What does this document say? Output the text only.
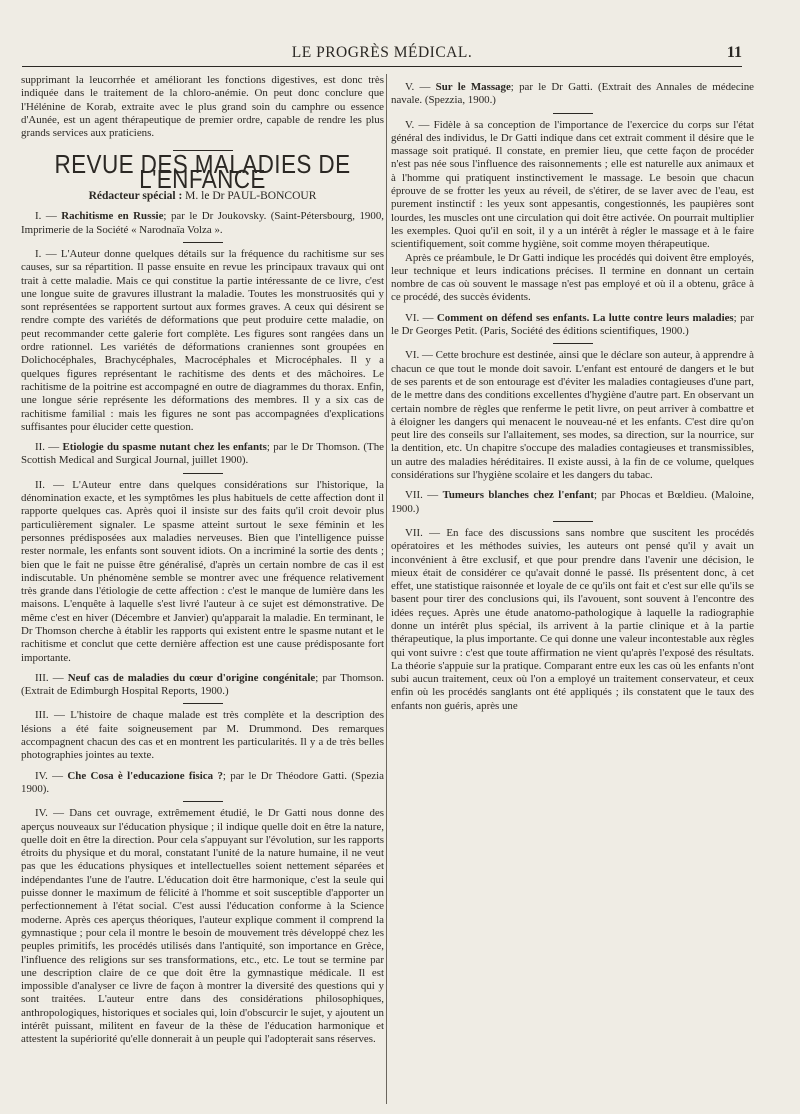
LE PROGRÈS MÉDICAL.	11

supprimant la leucorrhée et améliorant les fonctions digestives, est donc très indiquée dans le traitement de la chloro-anémie. On peut donc conclure que l'Hélénine de Korab, extraite avec le plus grand soin du camphre ou essence d'Aunée, est un agent thérapeutique de premier ordre, capable de rendre les plus grands services aux praticiens.

REVUE DES MALADIES DE L'ENFANCE
Rédacteur spécial : M. le Dr PAUL-BONCOUR
I. — Rachitisme en Russie; par le Dr Joukovsky. (Saint-Pétersbourg, 1900, Imprimerie de la Société « Narodnaïa Volza ».

I. — L'Auteur donne quelques détails sur la fréquence du rachitisme sur ses causes, sur sa répartition. Il passe ensuite en revue les principaux travaux qui ont trait à cette maladie. Mais ce qui constitue la partie intéressante de ce livre, c'est une longue suite de gravures illustrant la maladie. Toutes les monstruosités qui y sont représentées se rapportent surtout aux formes graves. A ceux qui désirent se rendre compte des variétés de déformations que peut produire cette maladie, on peut recommander cette galerie fort complète. Les figures sont rangées dans un ordre rationnel. Les variétés de déformations craniennes sont groupées en Dolichocéphales, Brachycéphales, Macrocéphales et Microcéphales. Il y a quelques figures représentant le rachitisme des dents et des mâchoires. Le rachitisme de la poitrine est accompagné en outre de diagrammes du thorax. Enfin, une longue série représente les déformations des membres. Il y a six cas de rachitisme familial : mais les figures ne sont pas accompagnées d'explications suffisantes pour élucider cette question.

II. — Etiologie du spasme nutant chez les enfants; par le Dr Thomson. (The Scottish Medical and Surgical Journal, juillet 1900).

II. — L'Auteur entre dans quelques considérations sur l'historique, la dénomination exacte, et les symptômes les plus habituels de cette affection dont il rapporte quelques cas. Après quoi il insiste sur des faits qu'il croit devoir plus particulièrement signaler. Le spasme atteint surtout le sexe féminin et les personnes prédisposées aux maladies nerveuses. Bien que l'intelligence puisse rester normale, les enfants sont souvent idiots. On a incriminé la sortie des dents ; bien que le fait ne puisse être généralisé, d'après un certain nombre de cas il est indiscutable. Un phénomène semble se montrer avec une fréquence relativement très grande dans l'étiologie de cette affection : c'est le manque de lumière dans les maisons. L'enquête à laquelle s'est livré l'auteur à ce sujet est démonstrative. De même c'est en hiver (Décembre et Janvier) qu'apparait la maladie. En terminant, le Dr Thomson cherche à établir les rapports qui existent entre le spasme nutant et le rachitisme et conclut que cette dernière affection est une cause prédisposante fort importante.

III. — Neuf cas de maladies du cœur d'origine congénitale; par Thomson. (Extrait de Edimburgh Hospital Reports, 1900.)

III. — L'histoire de chaque malade est très complète et la description des lésions a été faite soigneusement par M. Drummond. Des remarques accompagnent chacun des cas et en montrent les particularités. Il y a de très belles photographies jointes au texte.

IV. — Che Cosa è l'educazione fisica ?; par le Dr Théodore Gatti. (Spezia 1900).

IV. — Dans cet ouvrage, extrêmement étudié, le Dr Gatti nous donne des aperçus nouveaux sur l'éducation physique ; il indique quelle doit en être la nature, quelle doit en être la direction. Pour cela s'appuyant sur l'évolution, sur les rapports étroits du physique et du moral, constatant l'unité de la nature humaine, il ne veut pas que les éducations physiques et intellectuelles soient nettement séparées et indépendantes l'une de l'autre. L'éducation doit être harmonique, c'est la seule qui puisse donner le maximum de félicité à l'homme et soit susceptible d'apporter un perfectionnement à l'état social. C'est aussi l'éducation conforme à la Science moderne. Après ces aperçus théoriques, l'auteur explique comment il comprend la gymnastique ; pour cela il montre le besoin de mouvement très développé chez les peuples primitifs, les procédés utilisés dans l'antiquité, son importance en Grèce, l'influence des religions sur ses transformations, etc., etc. Le tout se termine par une description claire de ce que doit être la gymnastique médicale. Il est impossible d'analyser ce livre de façon à montrer la diversité des questions qui y sont traitées. L'auteur entre dans des considérations philosophiques, anthropologiques, historiques et sociales qui, loin d'obscurcir le sujet, y ajoutent un intérêt puissant, militent en faveur de la thèse de l'éducation harmonique et attestent la supériorité qu'elle donnerait à un peuple qui l'adopterait sans réserves.

V. — Sur le Massage; par le Dr Gatti. (Extrait des Annales de médecine navale. (Spezzia, 1900.)

V. — Fidèle à sa conception de l'importance de l'exercice du corps sur l'état général des individus, le Dr Gatti indique dans cet extrait comment il désire que le massage soit pratiqué. Il constate, en premier lieu, que cette façon de procéder n'est pas née sous l'influence des raisonnements ; elle est naturelle aux animaux et à l'homme qui pratiquent instinctivement le massage. Le besoin que chacun éprouve de se frotter les yeux au réveil, de s'étirer, de se laver avec de l'eau, est purement instinctif : les yeux sont appesantis, congestionnés, les paupières sont lourdes, les muscles ont une circulation qui doit être activée. On pourrait multiplier les exemples. Quoi qu'il en soit, il y a un intérêt à régler le massage et à le faire scientifiquement, soit comme hygiène, soit comme moyen thérapeutique.

Après ce préambule, le Dr Gatti indique les procédés qui doivent être employés, leur technique et leurs indications précises. Il termine en donnant un certain nombre de cas où souvent le massage n'est pas employé et où il a obtenu, grâce à ce procédé, des succès évidents.

VI. — Comment on défend ses enfants. La lutte contre leurs maladies; par le Dr Georges Petit. (Paris, Société des éditions scientifiques, 1900.)

VI. — Cette brochure est destinée, ainsi que le déclare son auteur, à apprendre à chacun ce que tout le monde doit savoir. L'enfant est entouré de dangers et le but de ses parents et de son entourage est d'éviter les maladies contagieuses d'une part, de le mettre dans des conditions excellentes d'hygiène d'autre part. En observant un certain nombre de règles que renferme le petit livre, on peut arriver à combattre et à éloigner les dangers qui menacent le nouveau-né et les enfants. C'est dire qu'on peut lire des conseils sur l'allaitement, ses modes, sa direction, sur la nourrice, sur la dentition, etc. Un chapitre s'occupe des maladies contagieuses et transmissibles, un autre des maladies héréditaires. Il existe aussi, à la fin de ce volume, quelques considérations sur l'hygiène scolaire et les dangers du tabac.

VII. — Tumeurs blanches chez l'enfant; par Phocas et Bœldieu. (Maloine, 1900.)

VII. — En face des discussions sans nombre que suscitent les procédés opératoires et les méthodes suivies, les auteurs ont pensé qu'il y avait un inconvénient à être exclusif, et que pour prendre dans l'avenir une décision, le mieux était de considérer ce qu'avait donné le passé. Ils présentent donc, à cet effet, une statistique raisonnée et loyale de ce qu'ils ont fait et c'est sur elle qu'ils se basent pour tirer des conclusions qui, ils l'avouent, sont souvent à l'encontre des idées reçues. Après une étude anatomo-pathologique à laquelle la radiographie donne un intérêt plus spécial, ils arrivent à la partie clinique et à la partie thérapeutique, la plus importante. Ce qui donne une valeur incontestable aux règles qui vont suivre : c'est que toute affirmation ne vient qu'après l'exposé des résultats. La théorie s'appuie sur la pratique. Comparant entre eux les cas où les enfants n'ont subi aucun traitement, ceux où l'on a employé un traitement conservateur, et ceux enfin où les procédés sanglants ont été appliqués ; ils constatent que le taux des enfants non guéris, après une
